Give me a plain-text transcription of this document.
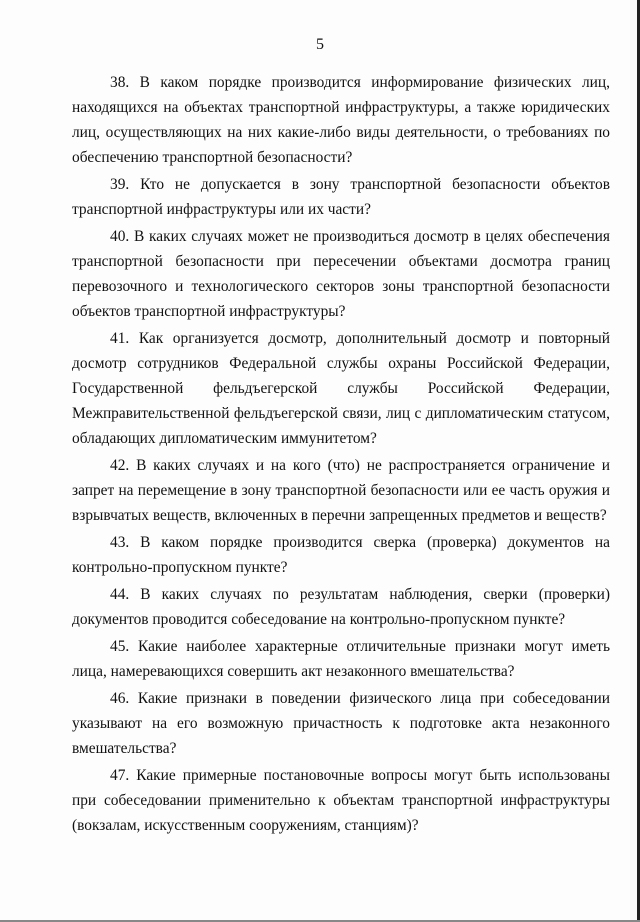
5

38. В каком порядке производится информирование физических лиц, находящихся на объектах транспортной инфраструктуры, а также юридических лиц, осуществляющих на них какие-либо виды деятельности, о требованиях по обеспечению транспортной безопасности?

39. Кто не допускается в зону транспортной безопасности объектов транспортной инфраструктуры или их части?

40. В каких случаях может не производиться досмотр в целях обеспечения транспортной безопасности при пересечении объектами досмотра границ перевозочного и технологического секторов зоны транспортной безопасности объектов транспортной инфраструктуры?

41. Как организуется досмотр, дополнительный досмотр и повторный досмотр сотрудников Федеральной службы охраны Российской Федерации, Государственной фельдъегерской службы Российской Федерации, Межправительственной фельдъегерской связи, лиц с дипломатическим статусом, обладающих дипломатическим иммунитетом?

42. В каких случаях и на кого (что) не распространяется ограничение и запрет на перемещение в зону транспортной безопасности или ее часть оружия и взрывчатых веществ, включенных в перечни запрещенных предметов и веществ?

43. В каком порядке производится сверка (проверка) документов на контрольно-пропускном пункте?

44. В каких случаях по результатам наблюдения, сверки (проверки) документов проводится собеседование на контрольно-пропускном пункте?

45. Какие наиболее характерные отличительные признаки могут иметь лица, намеревающихся совершить акт незаконного вмешательства?

46. Какие признаки в поведении физического лица при собеседовании указывают на его возможную причастность к подготовке акта незаконного вмешательства?

47. Какие примерные постановочные вопросы могут быть использованы при собеседовании применительно к объектам транспортной инфраструктуры (вокзалам, искусственным сооружениям, станциям)?
